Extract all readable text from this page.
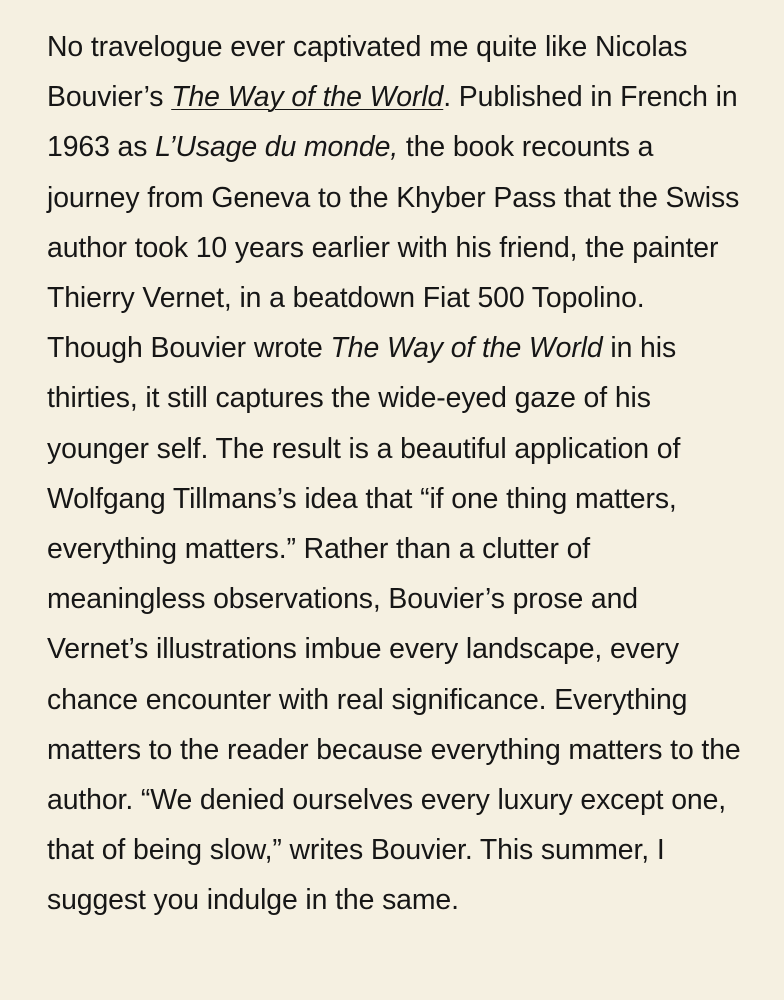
No travelogue ever captivated me quite like Nicolas Bouvier’s The Way of the World. Published in French in 1963 as L’Usage du monde, the book recounts a journey from Geneva to the Khyber Pass that the Swiss author took 10 years earlier with his friend, the painter Thierry Vernet, in a beatdown Fiat 500 Topolino. Though Bouvier wrote The Way of the World in his thirties, it still captures the wide-eyed gaze of his younger self. The result is a beautiful application of Wolfgang Tillmans’s idea that “if one thing matters, everything matters.” Rather than a clutter of meaningless observations, Bouvier’s prose and Vernet’s illustrations imbue every landscape, every chance encounter with real significance. Everything matters to the reader because everything matters to the author. “We denied ourselves every luxury except one, that of being slow,” writes Bouvier. This summer, I suggest you indulge in the same.
